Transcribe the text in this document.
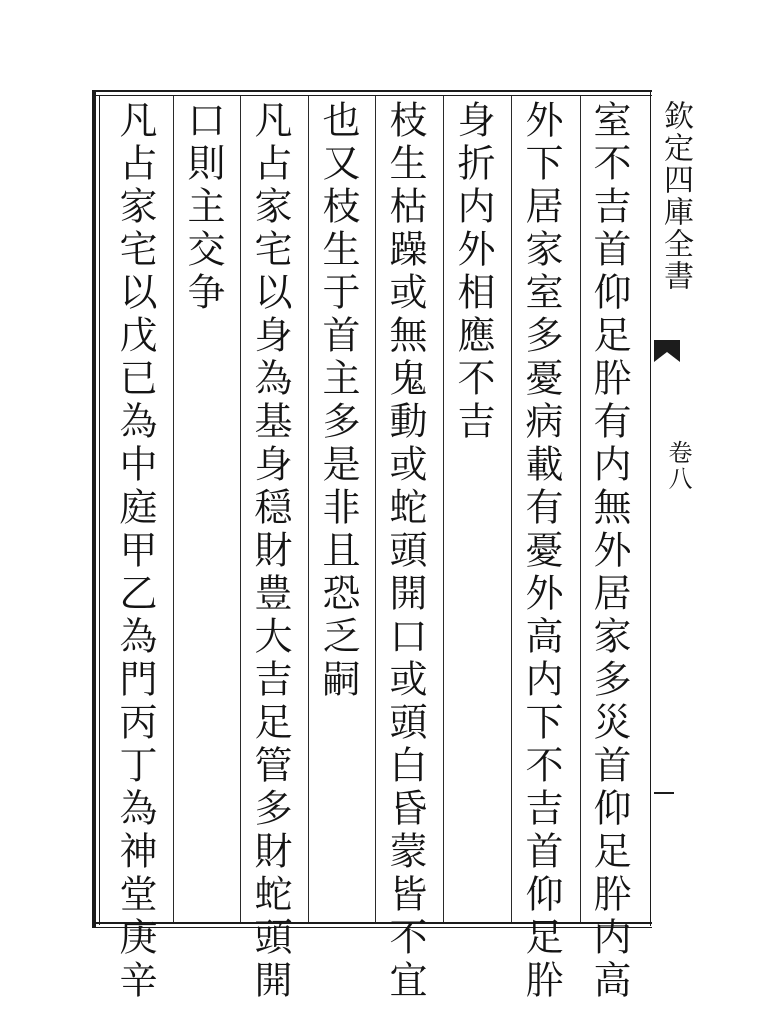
室不吉首仰足肸有内無外居家多災首仰足肸内高
外下居家室多憂病載有憂外高内下不吉首仰足肸
身折内外相應不吉
枝生枯躁或無鬼動或蛇頭開口或頭白昏蒙皆不宜
也又枝生于首主多是非且恐乏嗣
凡占家宅以身為基身穏財豊大吉足管多財蛇頭開
口則主交争
凡占家宅以戊已為中庭甲乙為門丙丁為神堂庚辛	欽定四庫全書
卷八
